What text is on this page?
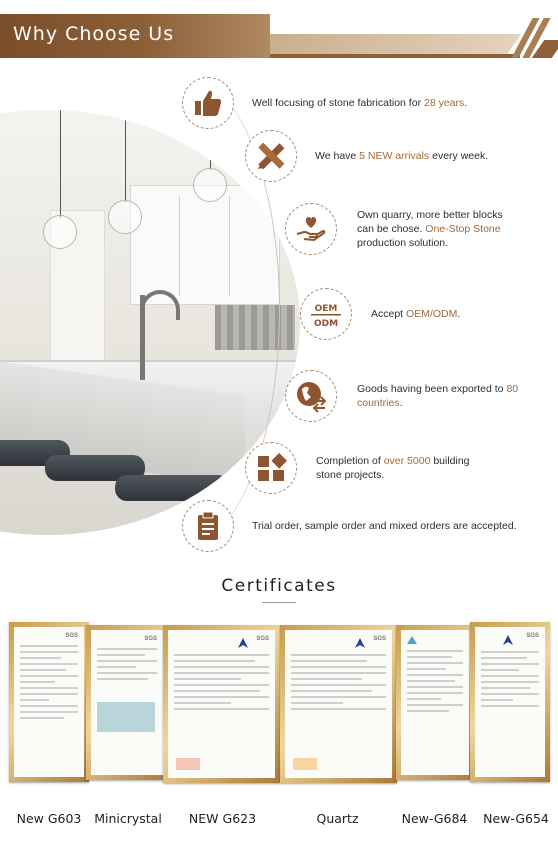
Why Choose Us
Well focusing of stone fabrication for 28 years.
We have 5 NEW arrivals every week.
Own quarry, more better blocks can be chose. One-Stop Stone production solution.
OEM
ODM
Accept OEM/ODM.
Goods having been exported to 80 countries.
Completion of over 5000 building stone projects.
Trial order, sample order and mixed orders are accepted.
Certificates
SGS	SGS	SGS	SGS	SGS
New G603	Minicrystal	NEW G623	Quartz	New-G684	New-G654
